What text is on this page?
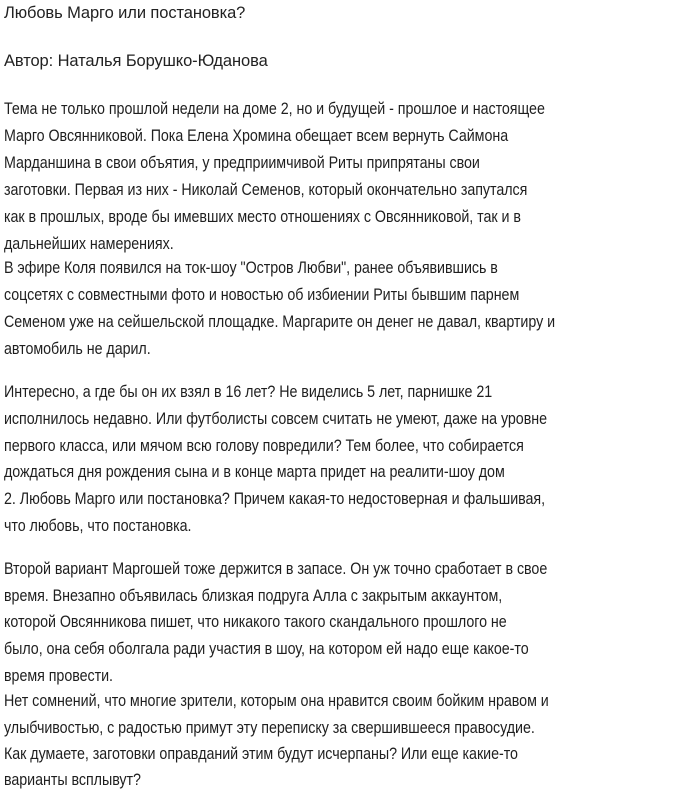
Любовь Марго или постановка?
Автор: Наталья Борушко-Юданова
Тема не только прошлой недели на доме 2, но и будущей - прошлое и настоящее
Марго Овсянниковой. Пока Елена Хромина обещает всем вернуть Саймона
Марданшина в свои объятия, у предприимчивой Риты припрятаны свои
заготовки. Первая из них - Николай Семенов, который окончательно запутался
как в прошлых, вроде бы имевших место отношениях с Овсянниковой, так и в
дальнейших намерениях.
В эфире Коля появился на ток-шоу "Остров Любви", ранее объявившись в
соцсетях с совместными фото и новостью об избиении Риты бывшим парнем
Семеном уже на сейшельской площадке. Маргарите он денег не давал, квартиру и
автомобиль не дарил.
Интересно, а где бы он их взял в 16 лет? Не виделись 5 лет, парнишке 21
исполнилось недавно. Или футболисты совсем считать не умеют, даже на уровне
первого класса, или мячом всю голову повредили? Тем более, что собирается
дождаться дня рождения сына и в конце марта придет на реалити-шоу дом
2. Любовь Марго или постановка? Причем какая-то недостоверная и фальшивая,
что любовь, что постановка.
Второй вариант Маргошей тоже держится в запасе. Он уж точно сработает в свое
время. Внезапно объявилась близкая подруга Алла с закрытым аккаунтом,
которой Овсянникова пишет, что никакого такого скандального прошлого не
было, она себя оболгала ради участия в шоу, на котором ей надо еще какое-то
время провести.
Нет сомнений, что многие зрители, которым она нравится своим бойким нравом и
улыбчивостью, с радостью примут эту переписку за свершившееся правосудие.
Как думаете, заготовки оправданий этим будут исчерпаны? Или еще какие-то
варианты всплывут?
